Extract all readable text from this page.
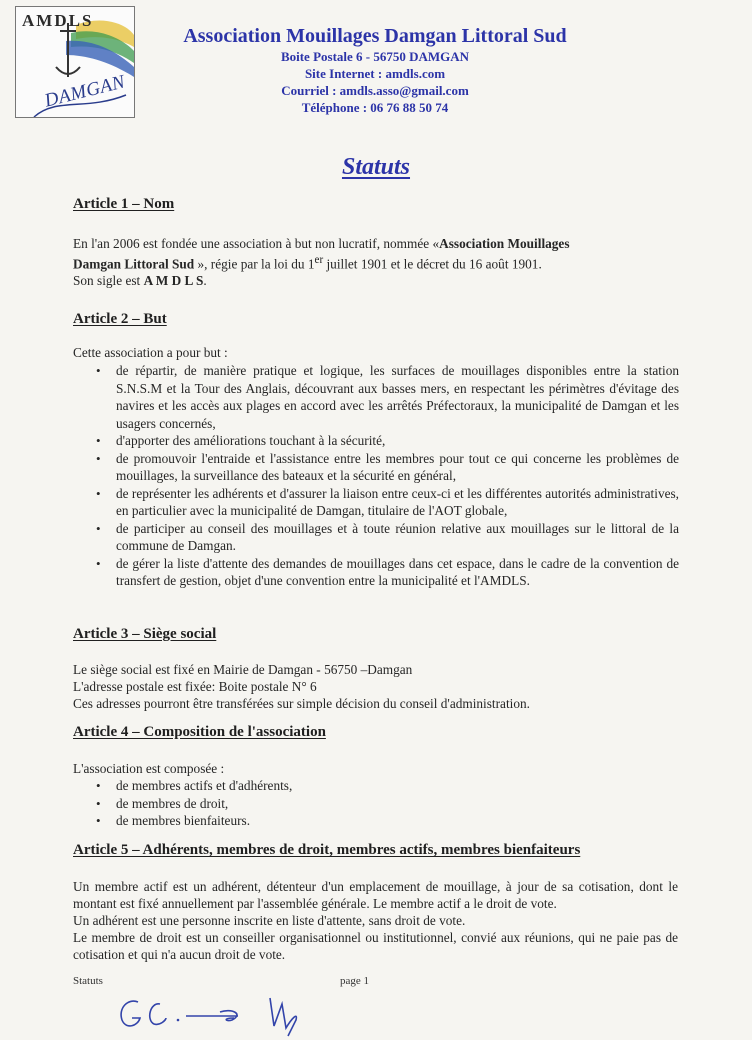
AMDLS
DAMGAN
Association Mouillages Damgan Littoral Sud
Boite Postale 6 - 56750 DAMGAN
Site Internet : amdls.com
Courriel : amdls.asso@gmail.com
Téléphone : 06 76 88 50 74
Statuts
Article 1 – Nom
En l'an 2006 est fondée une association à but non lucratif, nommée «Association Mouillages
Damgan Littoral Sud », régie par la loi du 1er juillet 1901 et le décret du 16 août 1901.
Son sigle est A M D L S.
Article 2 – But
Cette association a pour but :
• de répartir, de manière pratique et logique, les surfaces de mouillages disponibles entre la station S.N.S.M et la Tour des Anglais, découvrant aux basses mers, en respectant les périmètres d'évitage des navires et les accès aux plages en accord avec les arrêtés Préfectoraux, la municipalité de Damgan et les usagers concernés,
• d'apporter des améliorations touchant à la sécurité,
• de promouvoir l'entraide et l'assistance entre les membres pour tout ce qui concerne les problèmes de mouillages, la surveillance des bateaux et la sécurité en général,
• de représenter les adhérents et d'assurer la liaison entre ceux-ci et les différentes autorités administratives, en particulier avec la municipalité de Damgan, titulaire de l'AOT globale,
• de participer au conseil des mouillages et à toute réunion relative aux mouillages sur le littoral de la commune de Damgan.
• de gérer la liste d'attente des demandes de mouillages dans cet espace, dans le cadre de la convention de transfert de gestion, objet d'une convention entre la municipalité et l'AMDLS.
Article 3 – Siège social
Le siège social est fixé en Mairie de Damgan - 56750 –Damgan
L'adresse postale est fixée: Boite postale N° 6
Ces adresses pourront être transférées sur simple décision du conseil d'administration.
Article 4 – Composition de l'association
L'association est composée :
• de membres actifs et d'adhérents,
• de membres de droit,
• de membres bienfaiteurs.
Article 5 – Adhérents, membres de droit, membres actifs, membres bienfaiteurs
Un membre actif est un adhérent, détenteur d'un emplacement de mouillage, à jour de sa cotisation, dont le montant est fixé annuellement par l'assemblée générale. Le membre actif a le droit de vote.
Un adhérent est une personne inscrite en liste d'attente, sans droit de vote.
Le membre de droit est un conseiller organisationnel ou institutionnel, convié aux réunions, qui ne paie pas de cotisation et qui n'a aucun droit de vote.
Statuts	page 1
